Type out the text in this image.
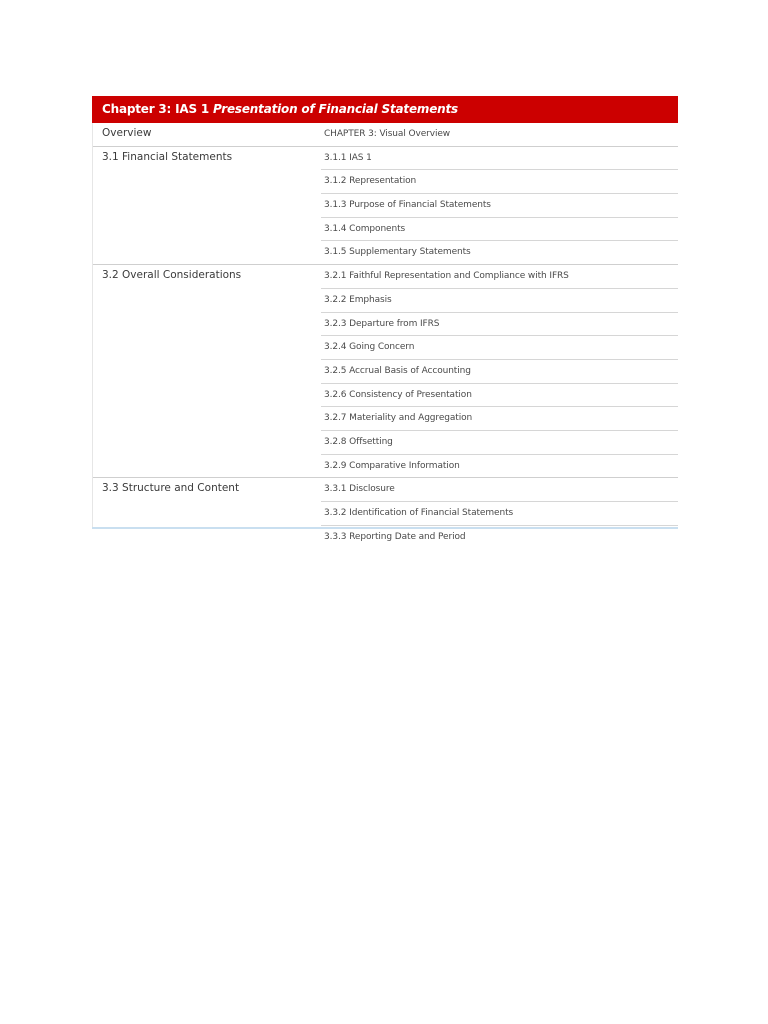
Chapter 3: IAS 1 Presentation of Financial Statements
Overview	CHAPTER 3: Visual Overview
3.1 Financial Statements	3.1.1 IAS 1
3.1.2 Representation
3.1.3 Purpose of Financial Statements
3.1.4 Components
3.1.5 Supplementary Statements
3.2 Overall Considerations	3.2.1 Faithful Representation and Compliance with IFRS
3.2.2 Emphasis
3.2.3 Departure from IFRS
3.2.4 Going Concern
3.2.5 Accrual Basis of Accounting
3.2.6 Consistency of Presentation
3.2.7 Materiality and Aggregation
3.2.8 Offsetting
3.2.9 Comparative Information
3.3 Structure and Content	3.3.1 Disclosure
3.3.2 Identification of Financial Statements
3.3.3 Reporting Date and Period
